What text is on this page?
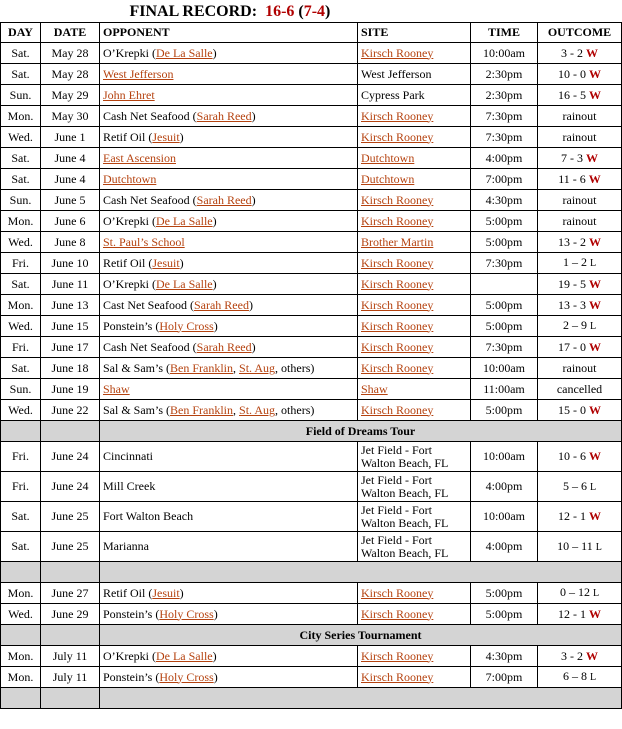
		FINAL RECORD: 16-6 (7-4)			
DAY	DATE	OPPONENT	SITE	TIME	OUTCOME
Sat.	May 28	O’Krepki (De La Salle)	Kirsch Rooney	10:00am	3 - 2 W
Sat.	May 28	West Jefferson	West Jefferson	2:30pm	10 - 0 W
Sun.	May 29	John Ehret	Cypress Park	2:30pm	16 - 5 W
Mon.	May 30	Cash Net Seafood (Sarah Reed)	Kirsch Rooney	7:30pm	rainout
Wed.	June 1	Retif Oil (Jesuit)	Kirsch Rooney	7:30pm	rainout
Sat.	June 4	East Ascension	Dutchtown	4:00pm	7 - 3 W
Sat.	June 4	Dutchtown	Dutchtown	7:00pm	11 - 6 W
Sun.	June 5	Cash Net Seafood (Sarah Reed)	Kirsch Rooney	4:30pm	rainout
Mon.	June 6	O’Krepki (De La Salle)	Kirsch Rooney	5:00pm	rainout
Wed.	June 8	St. Paul’s School	Brother Martin	5:00pm	13 - 2 W
Fri.	June 10	Retif Oil (Jesuit)	Kirsch Rooney	7:30pm	1 – 2 L
Sat.	June 11	O’Krepki (De La Salle)	Kirsch Rooney		19 - 5 W
Mon.	June 13	Cast Net Seafood (Sarah Reed)	Kirsch Rooney	5:00pm	13 - 3 W
Wed.	June 15	Ponstein’s (Holy Cross)	Kirsch Rooney	5:00pm	2 – 9 L
Fri.	June 17	Cash Net Seafood (Sarah Reed)	Kirsch Rooney	7:30pm	17 - 0 W
Sat.	June 18	Sal & Sam’s (Ben Franklin, St. Aug, others)	Kirsch Rooney	10:00am	rainout
Sun.	June 19	Shaw	Shaw	11:00am	cancelled
Wed.	June 22	Sal & Sam’s (Ben Franklin, St. Aug, others)	Kirsch Rooney	5:00pm	15 - 0 W
		Field of Dreams Tour			
Fri.	June 24	Cincinnati	Jet Field - Fort Walton Beach, FL	10:00am	10 - 6 W
Fri.	June 24	Mill Creek	Jet Field - Fort Walton Beach, FL	4:00pm	5 – 6 L
Sat.	June 25	Fort Walton Beach	Jet Field - Fort Walton Beach, FL	10:00am	12 - 1 W
Sat.	June 25	Marianna	Jet Field - Fort Walton Beach, FL	4:00pm	10 – 11 L

Mon.	June 27	Retif Oil (Jesuit)	Kirsch Rooney	5:00pm	0 – 12 L
Wed.	June 29	Ponstein’s (Holy Cross)	Kirsch Rooney	5:00pm	12 - 1 W
		City Series Tournament			
Mon.	July 11	O’Krepki (De La Salle)	Kirsch Rooney	4:30pm	3 - 2 W
Mon.	July 11	Ponstein’s (Holy Cross)	Kirsch Rooney	7:00pm	6 – 8 L
